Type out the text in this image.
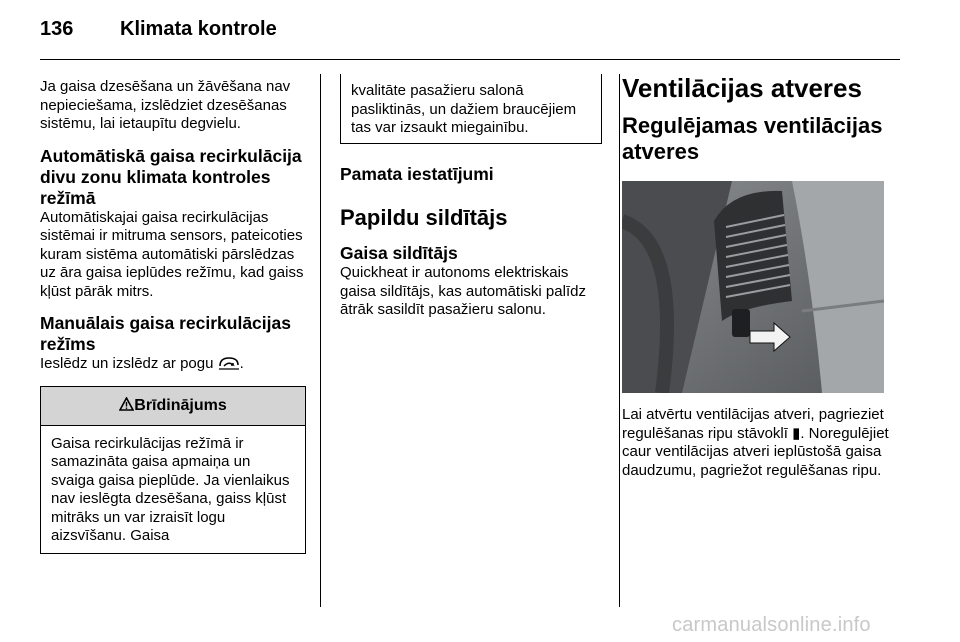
136 Klimata kontrole

Ja gaisa dzesēšana un žāvēšana nav nepieciešama, izslēdziet dzesēšanas sistēmu, lai ietaupītu degvielu.

Automātiskā gaisa recirkulācija divu zonu klimata kontroles režīmā

Automātiskajai gaisa recirkulācijas sistēmai ir mitruma sensors, pateicoties kuram sistēma automātiski pārslēdzas uz āra gaisa ieplūdes režīmu, kad gaiss kļūst pārāk mitrs.

Manuālais gaisa recirkulācijas režīms

Ieslēdz un izslēdz ar pogu .

Brīdinājums

Gaisa recirkulācijas režīmā ir samazināta gaisa apmaiņa un svaiga gaisa pieplūde. Ja vienlaikus nav ieslēgta dzesēšana, gaiss kļūst mitrāks un var izraisīt logu aizsvīšanu. Gaisa

kvalitāte pasažieru salonā pasliktinās, un dažiem braucējiem tas var izsaukt miegainību.

Pamata iestatījumi
Papildu sildītājs
Gaisa sildītājs

Quickheat ir autonoms elektriskais gaisa sildītājs, kas automātiski palīdz ātrāk sasildīt pasažieru salonu.

Ventilācijas atveres
Regulējamas ventilācijas atveres

Lai atvērtu ventilācijas atveri, pagrieziet regulēšanas ripu stāvoklī ▮. Noregulējiet caur ventilācijas atveri ieplūstošā gaisa daudzumu, pagriežot regulēšanas ripu.

carmanualsonline.info
